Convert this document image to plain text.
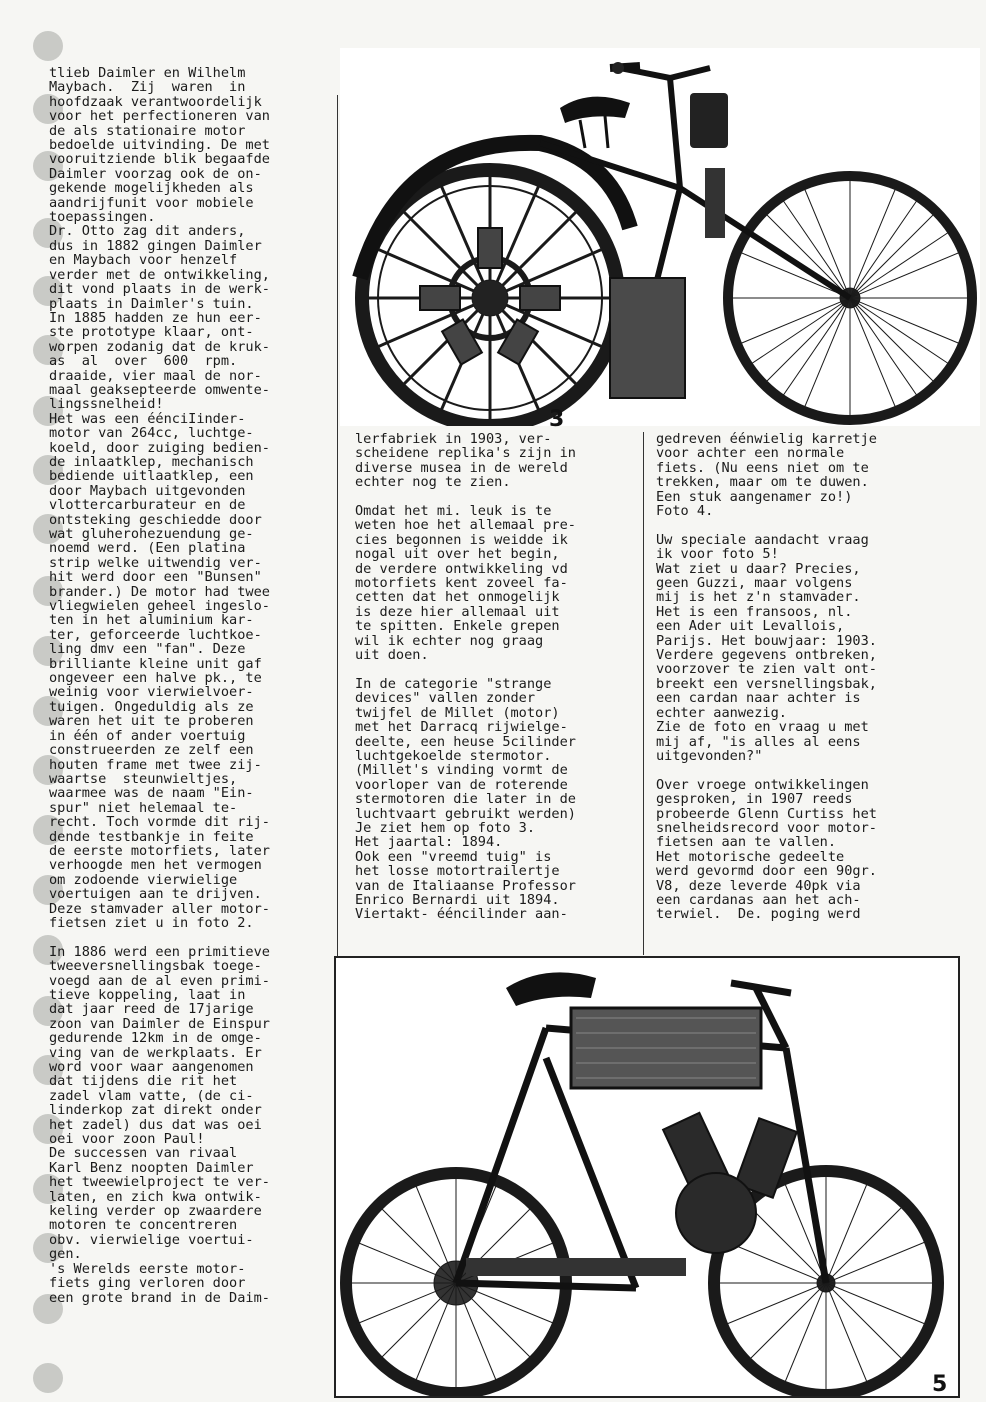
3

tlieb Daimler en Wilhelm

Maybach.  Zij  waren  in

hoofdzaak verantwoordelijk

voor het perfectioneren van

de als stationaire motor

bedoelde uitvinding. De met

vooruitziende blik begaafde

Daimler voorzag ook de on-

gekende mogelijkheden als

aandrijfunit voor mobiele

toepassingen.

Dr. Otto zag dit anders,

dus in 1882 gingen Daimler

en Maybach voor henzelf

verder met de ontwikkeling,

dit vond plaats in de werk-

plaats in Daimler's tuin.

In 1885 hadden ze hun eer-

ste prototype klaar, ont-

worpen zodanig dat de kruk-

as  al  over  600  rpm.

draaide, vier maal de nor-

maal geaksepteerde omwente-

lingssnelheid!

Het was een éénciIinder-

motor van 264cc, luchtge-

koeld, door zuiging bedien-

de inlaatklep, mechanisch

bediende uitlaatklep, een

door Maybach uitgevonden

vlottercarburateur en de

ontsteking geschiedde door

wat gluherohezuendung ge-

noemd werd. (Een platina

strip welke uitwendig ver-

hit werd door een "Bunsen"

brander.) De motor had twee

vliegwielen geheel ingeslo-

ten in het aluminium kar-

ter, geforceerde luchtkoe-

ling dmv een "fan". Deze

brilliante kleine unit gaf

ongeveer een halve pk., te

weinig voor vierwielvoer-

tuigen. Ongeduldig als ze

waren het uit te proberen

in één of ander voertuig

construeerden ze zelf een

houten frame met twee zij-

waartse  steunwieltjes,

waarmee was de naam "Ein-

spur" niet helemaal te-

recht. Toch vormde dit rij-

dende testbankje in feite

de eerste motorfiets, later

verhoogde men het vermogen

om zodoende vierwielige

voertuigen aan te drijven.

Deze stamvader aller motor-

fietsen ziet u in foto 2.

In 1886 werd een primitieve

tweeversnellingsbak toege-

voegd aan de al even primi-

tieve koppeling, laat in

dat jaar reed de 17jarige

zoon van Daimler de Einspur

gedurende 12km in de omge-

ving van de werkplaats. Er

word voor waar aangenomen

dat tijdens die rit het

zadel vlam vatte, (de ci-

linderkop zat direkt onder

het zadel) dus dat was oei

oei voor zoon Paul!

De successen van rivaal

Karl Benz noopten Daimler

het tweewielproject te ver-

laten, en zich kwa ontwik-

keling verder op zwaardere

motoren te concentreren

obv. vierwielige voertui-

gen.

's Werelds eerste motor-

fiets ging verloren door

een grote brand in de Daim-

lerfabriek in 1903, ver-

scheidene replika's zijn in

diverse musea in de wereld

echter nog te zien.

Omdat het mi. leuk is te

weten hoe het allemaal pre-

cies begonnen is weidde ik

nogal uit over het begin,

de verdere ontwikkeling vd

motorfiets kent zoveel fa-

cetten dat het onmogelijk

is deze hier allemaal uit

te spitten. Enkele grepen

wil ik echter nog graag

uit doen.

In de categorie "strange

devices" vallen zonder

twijfel de Millet (motor)

met het Darracq rijwielge-

deelte, een heuse 5cilinder

luchtgekoelde stermotor.

(Millet's vinding vormt de

voorloper van de roterende

stermotoren die later in de

luchtvaart gebruikt werden)

Je ziet hem op foto 3.

Het jaartal: 1894.

Ook een "vreemd tuig" is

het losse motortrailertje

van de Italiaanse Professor

Enrico Bernardi uit 1894.

Viertakt- ééncilinder aan-

gedreven éénwielig karretje

voor achter een normale

fiets. (Nu eens niet om te

trekken, maar om te duwen.

Een stuk aangenamer zo!)

Foto 4.

Uw speciale aandacht vraag

ik voor foto 5!

Wat ziet u daar? Precies,

geen Guzzi, maar volgens

mij is het z'n stamvader.

Het is een fransoos, nl.

een Ader uit Levallois,

Parijs. Het bouwjaar: 1903.

Verdere gegevens ontbreken,

voorzover te zien valt ont-

breekt een versnellingsbak,

een cardan naar achter is

echter aanwezig.

Zie de foto en vraag u met

mij af, "is alles al eens

uitgevonden?"

Over vroege ontwikkelingen

gesproken, in 1907 reeds

probeerde Glenn Curtiss het

snelheidsrecord voor motor-

fietsen aan te vallen.

Het motorische gedeelte

werd gevormd door een 90gr.

V8, deze leverde 40pk via

een cardanas aan het ach-

terwiel.  De. poging werd

5
